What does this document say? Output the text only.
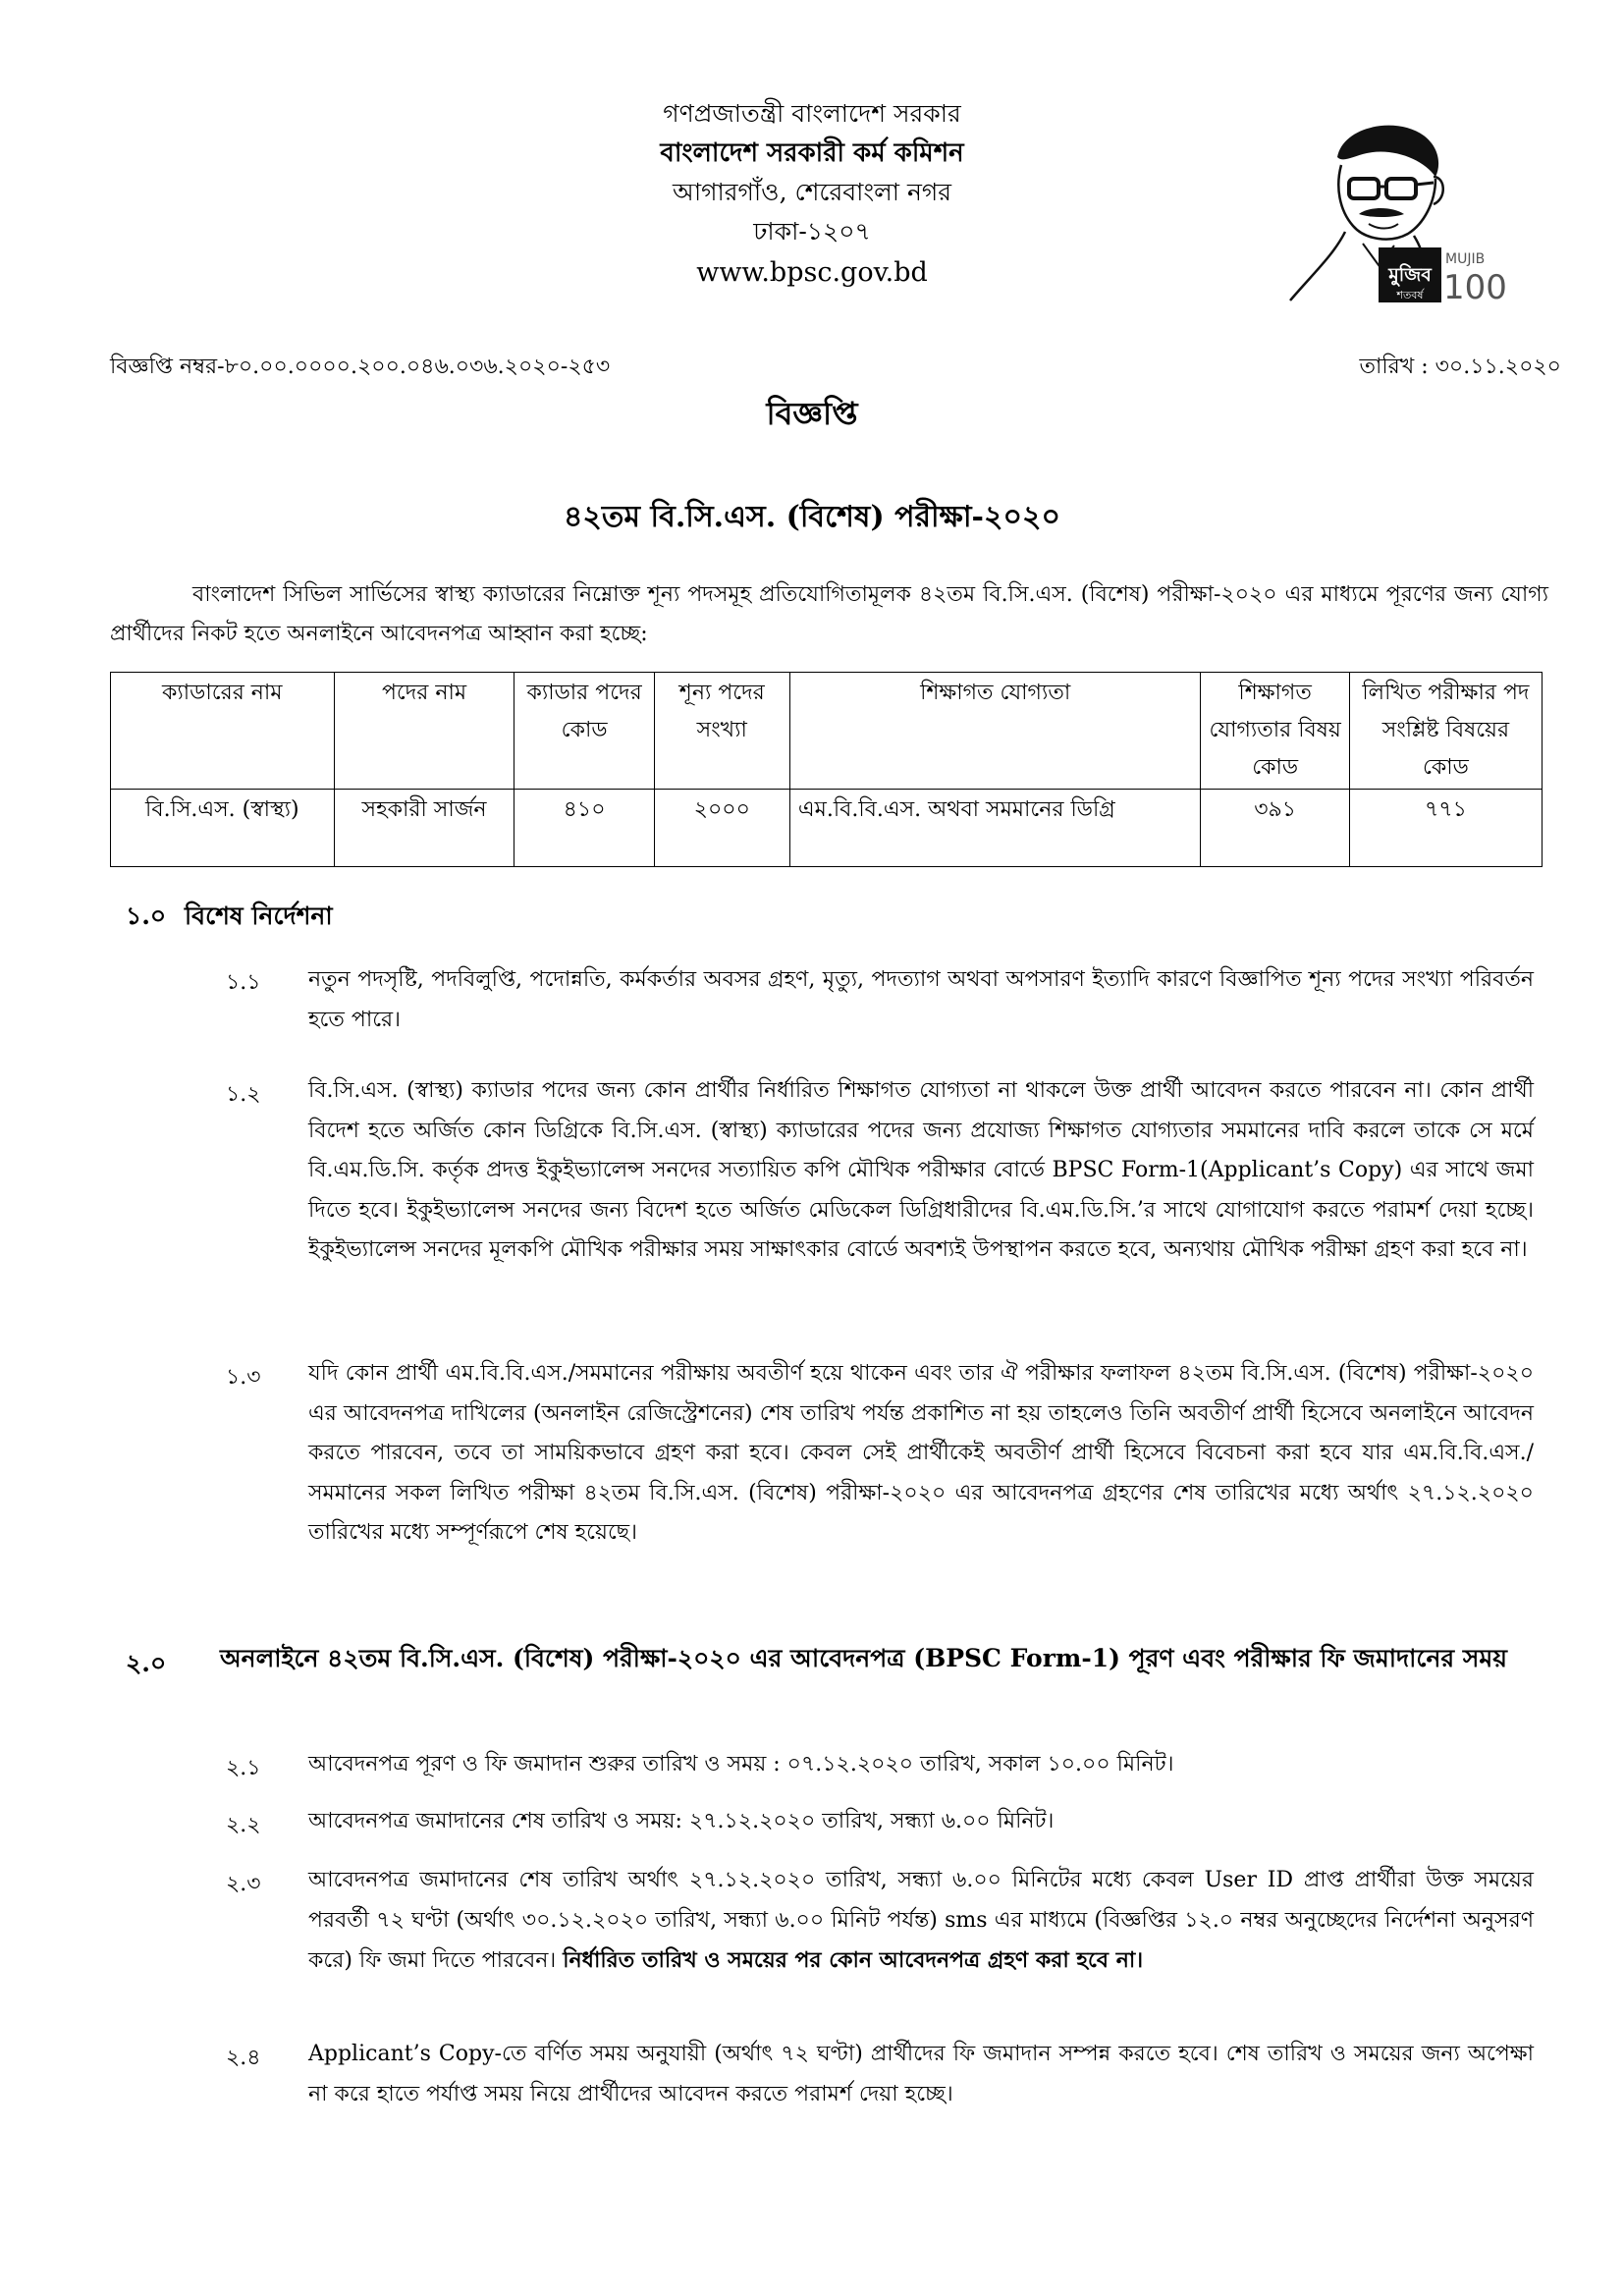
গণপ্রজাতন্ত্রী বাংলাদেশ সরকার
বাংলাদেশ সরকারী কর্ম কমিশন
আগারগাঁও, শেরেবাংলা নগর
ঢাকা-১২০৭
www.bpsc.gov.bd	মুজিব
শতবর্ষ
MUJIB
100
বিজ্ঞপ্তি নম্বর-৮০.০০.০০০০.২০০.০৪৬.০৩৬.২০২০-২৫৩	তারিখ : ৩০.১১.২০২০
বিজ্ঞপ্তি
৪২তম বি.সি.এস. (বিশেষ) পরীক্ষা-২০২০
বাংলাদেশ সিভিল সার্ভিসের স্বাস্থ্য ক্যাডারের নিম্নোক্ত শূন্য পদসমূহ প্রতিযোগিতামূলক ৪২তম বি.সি.এস. (বিশেষ) পরীক্ষা-২০২০ এর মাধ্যমে পূরণের জন্য যোগ্য প্রার্থীদের নিকট হতে অনলাইনে আবেদনপত্র আহ্বান করা হচ্ছে:
ক্যাডারের নাম	পদের নাম	ক্যাডার পদের কোড	শূন্য পদের সংখ্যা	শিক্ষাগত যোগ্যতা	শিক্ষাগত যোগ্যতার বিষয় কোড	লিখিত পরীক্ষার পদ সংশ্লিষ্ট বিষয়ের কোড
বি.সি.এস. (স্বাস্থ্য)	সহকারী সার্জন	৪১০	২০০০	এম.বি.বি.এস. অথবা সমমানের ডিগ্রি	৩৯১	৭৭১
১.০ বিশেষ নির্দেশনা
১.১ নতুন পদসৃষ্টি, পদবিলুপ্তি, পদোন্নতি, কর্মকর্তার অবসর গ্রহণ, মৃত্যু, পদত্যাগ অথবা অপসারণ ইত্যাদি কারণে বিজ্ঞাপিত শূন্য পদের সংখ্যা পরিবর্তন হতে পারে।
১.২ বি.সি.এস. (স্বাস্থ্য) ক্যাডার পদের জন্য কোন প্রার্থীর নির্ধারিত শিক্ষাগত যোগ্যতা না থাকলে উক্ত প্রার্থী আবেদন করতে পারবেন না। কোন প্রার্থী বিদেশ হতে অর্জিত কোন ডিগ্রিকে বি.সি.এস. (স্বাস্থ্য) ক্যাডারের পদের জন্য প্রযোজ্য শিক্ষাগত যোগ্যতার সমমানের দাবি করলে তাকে সে মর্মে বি.এম.ডি.সি. কর্তৃক প্রদত্ত ইকুইভ্যালেন্স সনদের সত্যায়িত কপি মৌখিক পরীক্ষার বোর্ডে BPSC Form-1(Applicant’s Copy) এর সাথে জমা দিতে হবে। ইকুইভ্যালেন্স সনদের জন্য বিদেশ হতে অর্জিত মেডিকেল ডিগ্রিধারীদের বি.এম.ডি.সি.’র সাথে যোগাযোগ করতে পরামর্শ দেয়া হচ্ছে। ইকুইভ্যালেন্স সনদের মূলকপি মৌখিক পরীক্ষার সময় সাক্ষাৎকার বোর্ডে অবশ্যই উপস্থাপন করতে হবে, অন্যথায় মৌখিক পরীক্ষা গ্রহণ করা হবে না।
১.৩ যদি কোন প্রার্থী এম.বি.বি.এস./সমমানের পরীক্ষায় অবতীর্ণ হয়ে থাকেন এবং তার ঐ পরীক্ষার ফলাফল ৪২তম বি.সি.এস. (বিশেষ) পরীক্ষা-২০২০ এর আবেদনপত্র দাখিলের (অনলাইন রেজিস্ট্রেশনের) শেষ তারিখ পর্যন্ত প্রকাশিত না হয় তাহলেও তিনি অবতীর্ণ প্রার্থী হিসেবে অনলাইনে আবেদন করতে পারবেন, তবে তা সাময়িকভাবে গ্রহণ করা হবে। কেবল সেই প্রার্থীকেই অবতীর্ণ প্রার্থী হিসেবে বিবেচনা করা হবে যার এম.বি.বি.এস./সমমানের সকল লিখিত পরীক্ষা ৪২তম বি.সি.এস. (বিশেষ) পরীক্ষা-২০২০ এর আবেদনপত্র গ্রহণের শেষ তারিখের মধ্যে অর্থাৎ ২৭.১২.২০২০ তারিখের মধ্যে সম্পূর্ণরূপে শেষ হয়েছে।
২.০ অনলাইনে ৪২তম বি.সি.এস. (বিশেষ) পরীক্ষা-২০২০ এর আবেদনপত্র (BPSC Form-1) পূরণ এবং পরীক্ষার ফি জমাদানের সময়
২.১ আবেদনপত্র পূরণ ও ফি জমাদান শুরুর তারিখ ও সময় : ০৭.১২.২০২০ তারিখ, সকাল ১০.০০ মিনিট।
২.২ আবেদনপত্র জমাদানের শেষ তারিখ ও সময়: ২৭.১২.২০২০ তারিখ, সন্ধ্যা ৬.০০ মিনিট।
২.৩ আবেদনপত্র জমাদানের শেষ তারিখ অর্থাৎ ২৭.১২.২০২০ তারিখ, সন্ধ্যা ৬.০০ মিনিটের মধ্যে কেবল User ID প্রাপ্ত প্রার্থীরা উক্ত সময়ের পরবর্তী ৭২ ঘণ্টা (অর্থাৎ ৩০.১২.২০২০ তারিখ, সন্ধ্যা ৬.০০ মিনিট পর্যন্ত) sms এর মাধ্যমে (বিজ্ঞপ্তির ১২.০ নম্বর অনুচ্ছেদের নির্দেশনা অনুসরণ করে) ফি জমা দিতে পারবেন। নির্ধারিত তারিখ ও সময়ের পর কোন আবেদনপত্র গ্রহণ করা হবে না।
২.৪ Applicant’s Copy-তে বর্ণিত সময় অনুযায়ী (অর্থাৎ ৭২ ঘণ্টা) প্রার্থীদের ফি জমাদান সম্পন্ন করতে হবে। শেষ তারিখ ও সময়ের জন্য অপেক্ষা না করে হাতে পর্যাপ্ত সময় নিয়ে প্রার্থীদের আবেদন করতে পরামর্শ দেয়া হচ্ছে।
